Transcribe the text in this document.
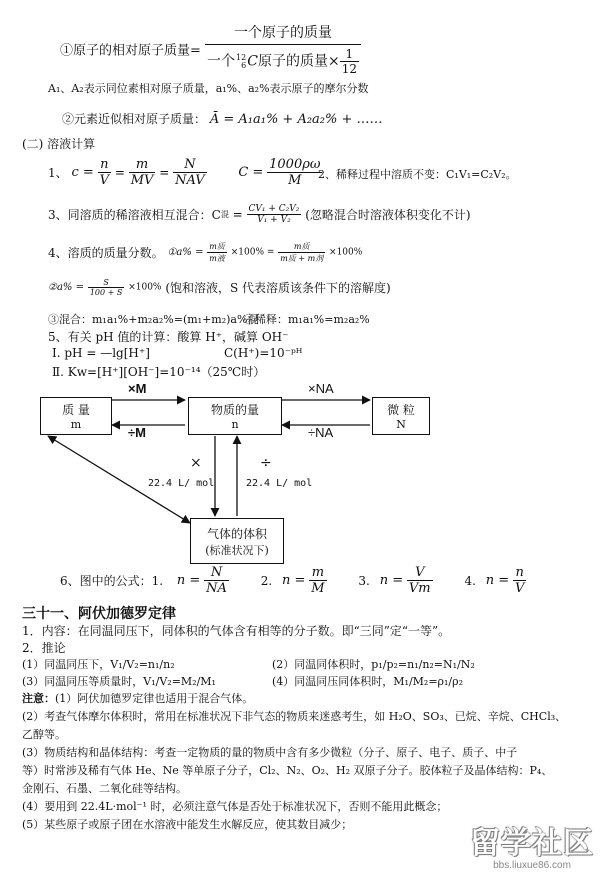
①原子的相对原子质量= 一个原子的质量
一个 12
6 C原子的质量× $\frac{1}{12}$
A₁、A₂表示同位素相对原子质量，a₁%、a₂%表示原子的摩尔分数
②元素近似相对原子质量： Ā = A₁a₁% + A₂a₂% + ……
(二) 溶液计算
1、 $c = \frac{n}{V} = \frac{m}{MV} = \frac{N}{\text{NAV}}$ $C = \frac{1000\rho\omega}{M}$
2、稀释过程中溶质不变：C₁V₁=C₂V₂。
3、同溶质的稀溶液相互混合：C混 = $\frac{\text{CV₁ + C₂V₂}}{\text{V₁ + V₂}}$ (忽略混合时溶液体积变化不计)
4、溶质的质量分数。 ①a% = $\frac{\text{m质}}{\text{m液}} \times 100\% = \frac{\text{m质}}{\text{m质 + m剂}} \times 100\%$
②a% = $\frac{S}{100 + S} \times 100\%$ (饱和溶液，S 代表溶质该条件下的溶解度)
③混合：m₁a₁%+m₂a₂%=(m₁+m₂)a%混
④稀释：m₁a₁%=m₂a₂%
5、有关 pH 值的计算：酸算 H⁺，碱算 OH⁻
Ⅰ. pH = —lg[H⁺]	C(H⁺)=10⁻ᵖᴴ
Ⅱ. Kw=[H⁺][OH⁻]=10⁻¹⁴（25℃时）
质 量
m
物质的量
n
微 粒
N
气体的体积
(标准状况下)
×M
÷M
×NA
÷NA
×	÷
22.4 L/ mol	22.4 L/ mol
6、图中的公式：1. $n = \frac{N}{NA}$	2. $n = \frac{m}{M}$	3. $n = \frac{V}{Vm}$	4. $n = \frac{n}{V}$
三十一、阿伏加德罗定律
1．内容：在同温同压下，同体积的气体含有相等的分子数。即“三同”定“一等”。
2．推论
(1）同温同压下，V₁/V₂=n₁/n₂	(2）同温同体积时，p₁/p₂=n₁/n₂=N₁/N₂
(3）同温同压等质量时，V₁/V₂=M₂/M₁	(4）同温同压同体积时，M₁/M₂=ρ₁/ρ₂
注意：(1）阿伏加德罗定律也适用于混合气体。
(2）考查气体摩尔体积时，常用在标准状况下非气态的物质来迷惑考生，如 H₂O、SO₃、已烷、辛烷、CHCl₃、
乙醇等。
(3）物质结构和晶体结构：考查一定物质的量的物质中含有多少微粒（分子、原子、电子、质子、中子
等）时常涉及稀有气体 He、Ne 等单原子分子，Cl₂、N₂、O₂、H₂ 双原子分子。胶体粒子及晶体结构：P₄、
金刚石、石墨、二氧化硅等结构。
(4）要用到 22.4L·mol⁻¹ 时，必须注意气体是否处于标准状况下，否则不能用此概念；
(5）某些原子或原子团在水溶液中能发生水解反应，使其数目减少；
留学社区
bbs.liuxue86.com
